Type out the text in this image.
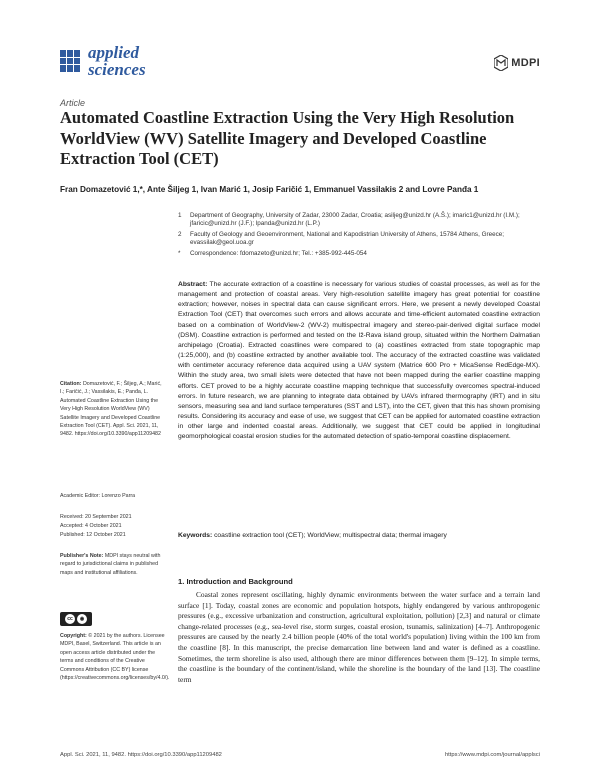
applied
sciences	MDPI
Article
Automated Coastline Extraction Using the Very High Resolution WorldView (WV) Satellite Imagery and Developed Coastline Extraction Tool (CET)
Fran Domazetović 1,*, Ante Šiljeg 1, Ivan Marić 1, Josip Faričić 1, Emmanuel Vassilakis 2 and Lovre Panđa 1
1 Department of Geography, University of Zadar, 23000 Zadar, Croatia; asiljeg@unizd.hr (A.Š.); imaric1@unizd.hr (I.M.); jfaricic@unizd.hr (J.F.); lpanda@unizd.hr (L.P.)
2 Faculty of Geology and Geoenvironment, National and Kapodistrian University of Athens, 15784 Athens, Greece; evassilak@geol.uoa.gr
* Correspondence: fdomazeto@unizd.hr; Tel.: +385-992-445-054
Abstract: The accurate extraction of a coastline is necessary for various studies of coastal processes, as well as for the management and protection of coastal areas. Very high-resolution satellite imagery has great potential for coastline extraction; however, noises in spectral data can cause significant errors. Here, we present a newly developed Coastal Extraction Tool (CET) that overcomes such errors and allows accurate and time-efficient automated coastline extraction based on a combination of WorldView-2 (WV-2) multispectral imagery and stereo-pair-derived digital surface model (DSM). Coastline extraction is performed and tested on the Iž-Rava island group, situated within the Northern Dalmatian archipelago (Croatia). Extracted coastlines were compared to (a) coastlines extracted from state topographic map (1:25,000), and (b) coastline extracted by another available tool. The accuracy of the extracted coastline was validated with centimeter accuracy reference data acquired using a UAV system (Matrice 600 Pro + MicaSense RedEdge-MX). Within the study area, two small islets were detected that have not been mapped during the earlier coastline mapping efforts. CET proved to be a highly accurate coastline mapping technique that successfully overcomes spectral-induced errors. In future research, we are planning to integrate data obtained by UAVs infrared thermography (IRT) and in situ sensors, measuring sea and land surface temperatures (SST and LST), into the CET, given that this has shown promising results. Considering its accuracy and ease of use, we suggest that CET can be applied for automated coastline extraction in other large and indented coastal areas. Additionally, we suggest that CET could be applied in longitudinal geomorphological coastal erosion studies for the automated detection of spatio-temporal coastline displacement.
Keywords: coastline extraction tool (CET); WorldView; multispectral data; thermal imagery
Citation: Domazetović, F.; Šiljeg, A.; Marić, I.; Faričić, J.; Vassilakis, E.; Panđa, L. Automated Coastline Extraction Using the Very High Resolution WorldView (WV) Satellite Imagery and Developed Coastline Extraction Tool (CET). Appl. Sci. 2021, 11, 9482. https://doi.org/10.3390/app11209482
Academic Editor: Lorenzo Parra
Received: 20 September 2021
Accepted: 4 October 2021
Published: 12 October 2021
Publisher's Note: MDPI stays neutral with regard to jurisdictional claims in published maps and institutional affiliations.
cc	◉
Copyright: © 2021 by the authors. Licensee MDPI, Basel, Switzerland. This article is an open access article distributed under the terms and conditions of the Creative Commons Attribution (CC BY) license (https://creativecommons.org/licenses/by/4.0/).
1. Introduction and Background
Coastal zones represent oscillating, highly dynamic environments between the water surface and a terrain land surface [1]. Today, coastal zones are economic and population hotspots, highly endangered by various anthropogenic pressures (e.g., excessive urbanization and construction, agricultural exploitation, pollution) [2,3] and natural or climate change-related processes (e.g., sea-level rise, storm surges, coastal erosion, tsunamis, salinization) [4–7]. Anthropogenic pressures are caused by the nearly 2.4 billion people (40% of the total world's population) living within the 100 km from the coastline [8]. In this manuscript, the precise demarcation line between land and water is defined as a coastline. Sometimes, the term shoreline is also used, although there are minor differences between them [9–12]. In simple terms, the coastline is the boundary of the continent/island, while the shoreline is the boundary of the land [13]. The coastline term
Appl. Sci. 2021, 11, 9482. https://doi.org/10.3390/app11209482	https://www.mdpi.com/journal/applsci
